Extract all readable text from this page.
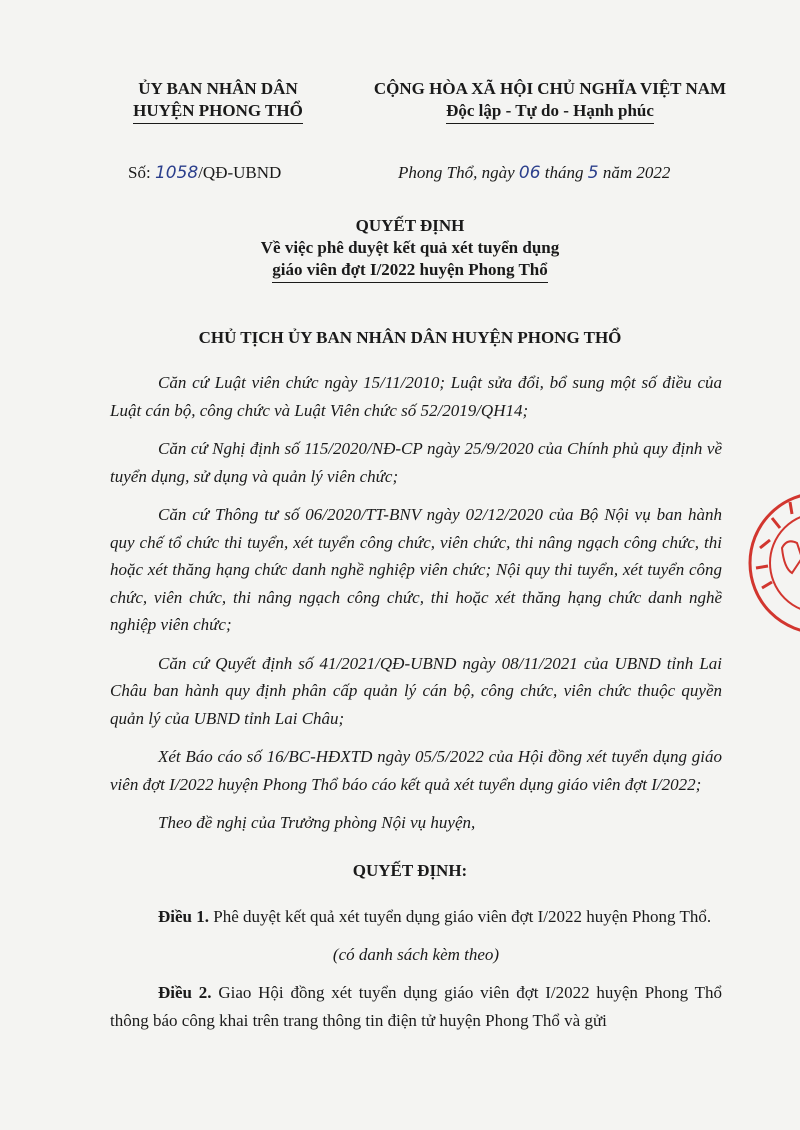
ỦY BAN NHÂN DÂN
HUYỆN PHONG THỔ
CỘNG HÒA XÃ HỘI CHỦ NGHĨA VIỆT NAM
Độc lập - Tự do - Hạnh phúc
Số: 1058/QĐ-UBND	Phong Thổ, ngày 06 tháng 5 năm 2022
QUYẾT ĐỊNH
Về việc phê duyệt kết quả xét tuyển dụng
giáo viên đợt I/2022 huyện Phong Thổ
CHỦ TỊCH ỦY BAN NHÂN DÂN HUYỆN PHONG THỔ

Căn cứ Luật viên chức ngày 15/11/2010; Luật sửa đổi, bổ sung một số điều của Luật cán bộ, công chức và Luật Viên chức số 52/2019/QH14;

Căn cứ Nghị định số 115/2020/NĐ-CP ngày 25/9/2020 của Chính phủ quy định về tuyển dụng, sử dụng và quản lý viên chức;

Căn cứ Thông tư số 06/2020/TT-BNV ngày 02/12/2020 của Bộ Nội vụ ban hành quy chế tổ chức thi tuyển, xét tuyển công chức, viên chức, thi nâng ngạch công chức, thi hoặc xét thăng hạng chức danh nghề nghiệp viên chức; Nội quy thi tuyển, xét tuyển công chức, viên chức, thi nâng ngạch công chức, thi hoặc xét thăng hạng chức danh nghề nghiệp viên chức;

Căn cứ Quyết định số 41/2021/QĐ-UBND ngày 08/11/2021 của UBND tỉnh Lai Châu ban hành quy định phân cấp quản lý cán bộ, công chức, viên chức thuộc quyền quản lý của UBND tỉnh Lai Châu;

Xét Báo cáo số 16/BC-HĐXTD ngày 05/5/2022 của Hội đồng xét tuyển dụng giáo viên đợt I/2022 huyện Phong Thổ báo cáo kết quả xét tuyển dụng giáo viên đợt I/2022;

Theo đề nghị của Trưởng phòng Nội vụ huyện,

QUYẾT ĐỊNH:

Điều 1. Phê duyệt kết quả xét tuyển dụng giáo viên đợt I/2022 huyện Phong Thổ.

(có danh sách kèm theo)

Điều 2. Giao Hội đồng xét tuyển dụng giáo viên đợt I/2022 huyện Phong Thổ thông báo công khai trên trang thông tin điện tử huyện Phong Thổ và gửi
